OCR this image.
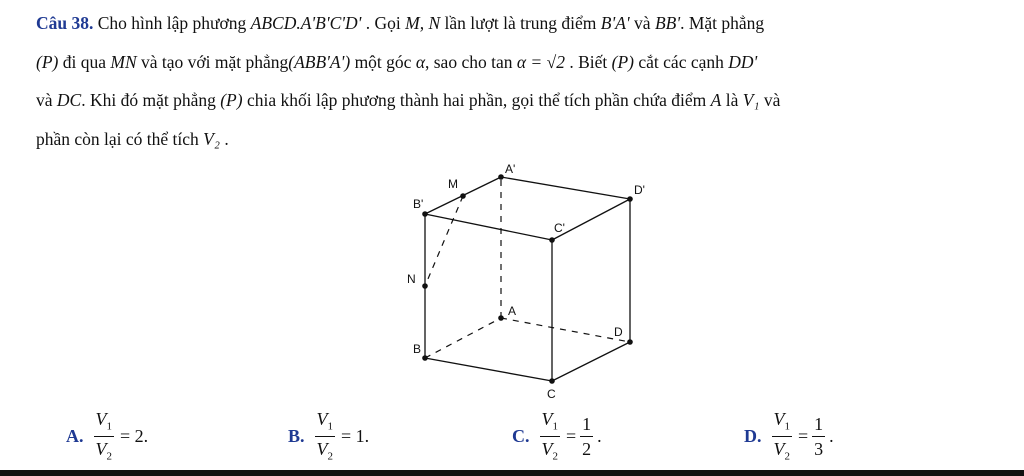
Câu 38. Cho hình lập phương ABCD.A'B'C'D' . Gọi M, N lần lượt là trung điểm B'A' và BB'. Mặt phẳng

(P) đi qua MN và tạo với mặt phẳng(ABB'A') một góc α, sao cho tan α = √2 . Biết (P) cắt các cạnh DD'

và DC. Khi đó mặt phẳng (P) chia khối lập phương thành hai phần, gọi thể tích phần chứa điểm A là V₁ và

phần còn lại có thể tích V₂ .

A'
M	D'
B'
C'
N
A
D
B
C
A. $\frac{V_1}{V_2} = 2$.	B. $\frac{V_1}{V_2} = 1$.	C. $\frac{V_1}{V_2} = \frac{1}{2}$ .	D. $\frac{V_1}{V_2} = \frac{1}{3}$ .
